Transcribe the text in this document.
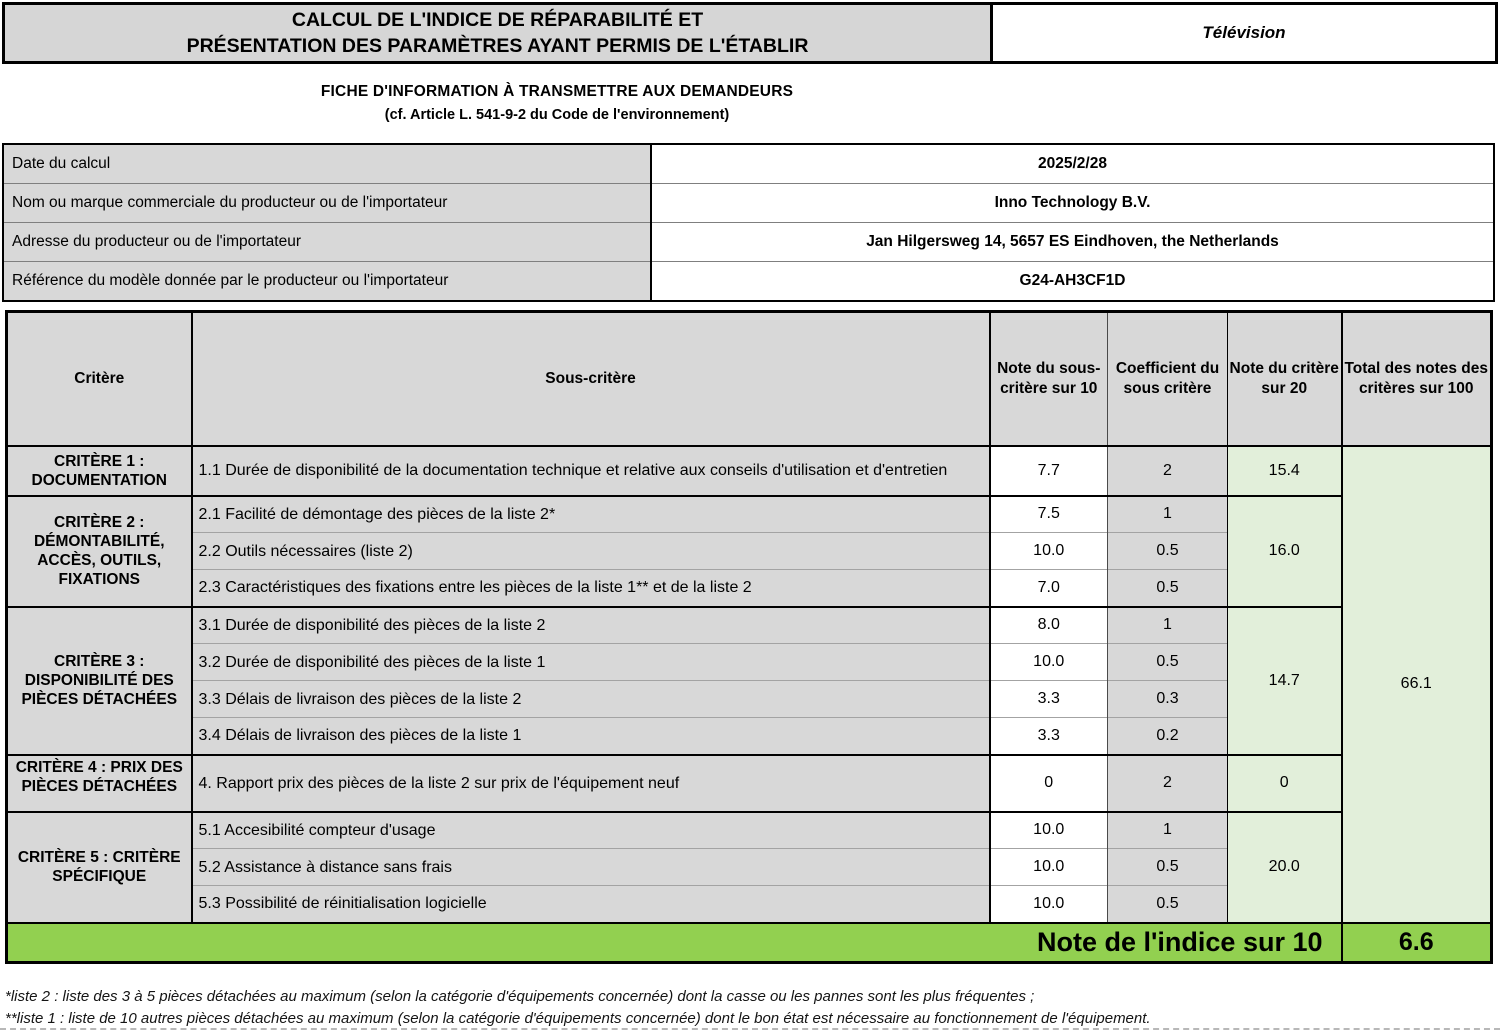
CALCUL DE L'INDICE DE RÉPARABILITÉ ET
PRÉSENTATION DES PARAMÈTRES AYANT PERMIS DE L'ÉTABLIR
Télévision
FICHE D'INFORMATION À TRANSMETTRE AUX DEMANDEURS
(cf. Article L. 541-9-2 du Code de l'environnement)
Date du calcul	2025/2/28
Nom ou marque commerciale du producteur ou de l'importateur	Inno Technology B.V.
Adresse du producteur ou de l'importateur	Jan Hilgersweg 14, 5657 ES Eindhoven, the Netherlands
Référence du modèle donnée par le producteur ou l'importateur	G24-AH3CF1D
Critère	Sous-critère	Note du sous-critère sur 10	Coefficient du sous critère	Note du critère sur 20	Total des notes des critères sur 100
CRITÈRE 1 : DOCUMENTATION	1.1 Durée de disponibilité de la documentation technique et relative aux conseils d'utilisation et d'entretien	7.7	2	15.4	66.1
CRITÈRE 2 : DÉMONTABILITÉ, ACCÈS, OUTILS, FIXATIONS	2.1 Facilité de démontage des pièces de la liste 2*	7.5	1	16.0	
	2.2 Outils nécessaires (liste 2)	10.0	0.5		
	2.3 Caractéristiques des fixations entre les pièces de la liste 1** et de la liste 2	7.0	0.5		
CRITÈRE 3 : DISPONIBILITÉ DES PIÈCES DÉTACHÉES	3.1 Durée de disponibilité des pièces de la liste 2	8.0	1	14.7	
	3.2 Durée de disponibilité des pièces de la liste 1	10.0	0.5		
	3.3 Délais de livraison des pièces de la liste 2	3.3	0.3		
	3.4 Délais de livraison des pièces de la liste 1	3.3	0.2		

CRITÈRE 4 : PRIX DES PIÈCES DÉTACHÉES	4. Rapport prix des pièces de la liste 2 sur prix de l'équipement neuf	0	2	0	
CRITÈRE 5 : CRITÈRE SPÉCIFIQUE	5.1 Accesibilité compteur d'usage	10.0	1	20.0	
	5.2 Assistance à distance sans frais	10.0	0.5		
	5.3 Possibilité de réinitialisation logicielle	10.0	0.5		
Note de l'indice sur 10					6.6
*liste 2 : liste des 3 à 5 pièces détachées au maximum (selon la catégorie d'équipements concernée) dont la casse ou les pannes sont les plus fréquentes ;
**liste 1 : liste de 10 autres pièces détachées au maximum (selon la catégorie d'équipements concernée) dont le bon état est nécessaire au fonctionnement de l'équipement.
